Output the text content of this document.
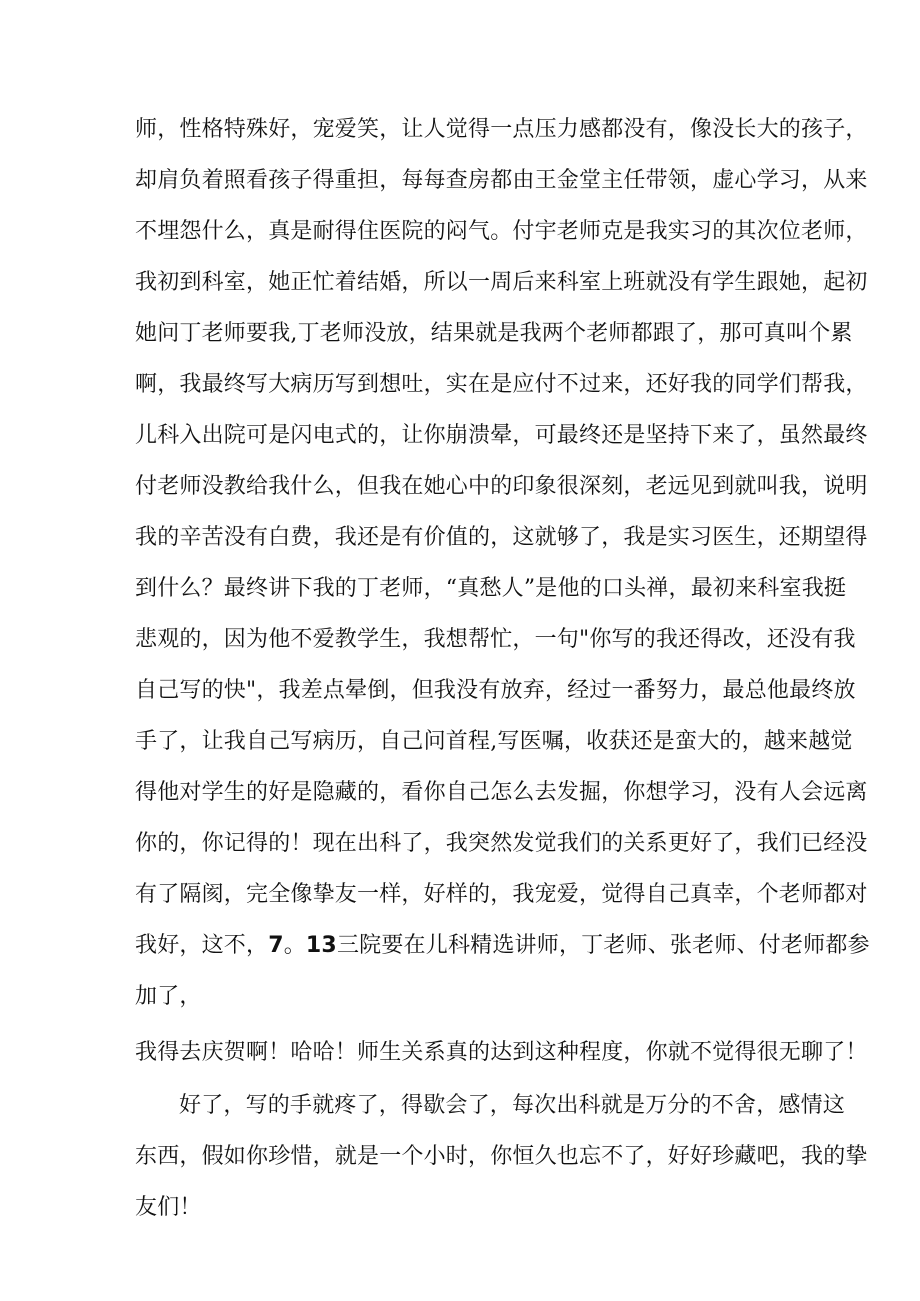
师，性格特殊好，宠爱笑，让人觉得一点压力感都没有，像没长大的孩子，
却肩负着照看孩子得重担，每每查房都由王金堂主任带领，虚心学习，从来
不埋怨什么，真是耐得住医院的闷气。付宇老师克是我实习的其次位老师，
我初到科室，她正忙着结婚，所以一周后来科室上班就没有学生跟她，起初
她问丁老师要我,丁老师没放，结果就是我两个老师都跟了，那可真叫个累
啊，我最终写大病历写到想吐，实在是应付不过来，还好我的同学们帮我，
儿科入出院可是闪电式的，让你崩溃晕，可最终还是坚持下来了，虽然最终
付老师没教给我什么，但我在她心中的印象很深刻，老远见到就叫我，说明
我的辛苦没有白费，我还是有价值的，这就够了，我是实习医生，还期望得
到什么？最终讲下我的丁老师，“真愁人”是他的口头禅，最初来科室我挺
悲观的，因为他不爱教学生，我想帮忙，一句"你写的我还得改，还没有我
自己写的快"，我差点晕倒，但我没有放弃，经过一番努力，最总他最终放
手了，让我自己写病历，自己问首程,写医嘱，收获还是蛮大的，越来越觉
得他对学生的好是隐藏的，看你自己怎么去发掘，你想学习，没有人会远离
你的，你记得的！现在出科了，我突然发觉我们的关系更好了，我们已经没
有了隔阂，完全像挚友一样，好样的，我宠爱，觉得自己真幸，个老师都对
我好，这不，7。13三院要在儿科精选讲师，丁老师、张老师、付老师都参
加了，
我得去庆贺啊！哈哈！师生关系真的达到这种程度，你就不觉得很无聊了！
好了，写的手就疼了，得歇会了，每次出科就是万分的不舍，感情这
东西，假如你珍惜，就是一个小时，你恒久也忘不了，好好珍藏吧，我的挚
友们！
